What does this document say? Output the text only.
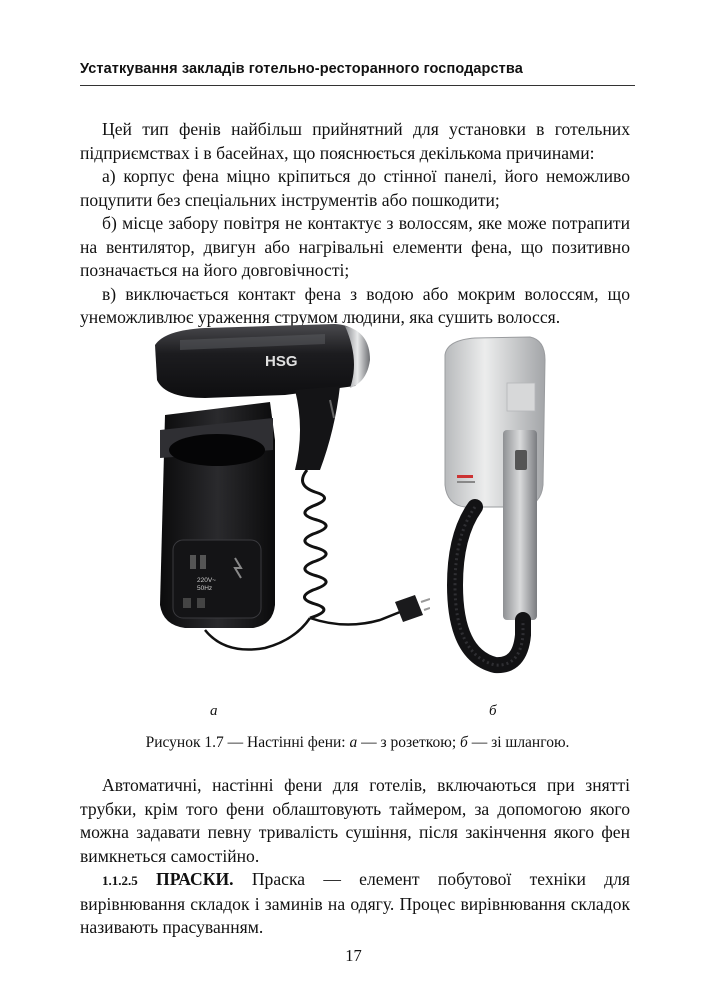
Устаткування закладів готельно-ресторанного господарства

Цей тип фенів найбільш прийнятний для установки в готельних підприємствах і в басейнах, що пояснюється декількома причинами:

а) корпус фена міцно кріпиться до стінної панелі, його неможливо поцупити без спеціальних інструментів або пошкодити;

б) місце забору повітря не контактує з волоссям, яке може потрапити на вентилятор, двигун або нагрівальні елементи фена, що позитивно позначається на його довговічності;

в) виключається контакт фена з водою або мокрим волоссям, що унеможливлює ураження струмом людини, яка сушить волосся.

220V~
50Hz
HSG
а	б
Рисунок 1.7 — Настінні фени: а — з розеткою; б — зі шлангою.

Автоматичні, настінні фени для готелів, включаються при знятті трубки, крім того фени облаштовують таймером, за допомогою якого можна задавати певну тривалість сушіння, після закінчення якого фен вимкнеться самостійно.

1.1.2.5 ПРАСКИ. Праска — елемент побутової техніки для вирівнювання складок і заминів на одягу. Процес вирівнювання складок називають прасуванням.

17
